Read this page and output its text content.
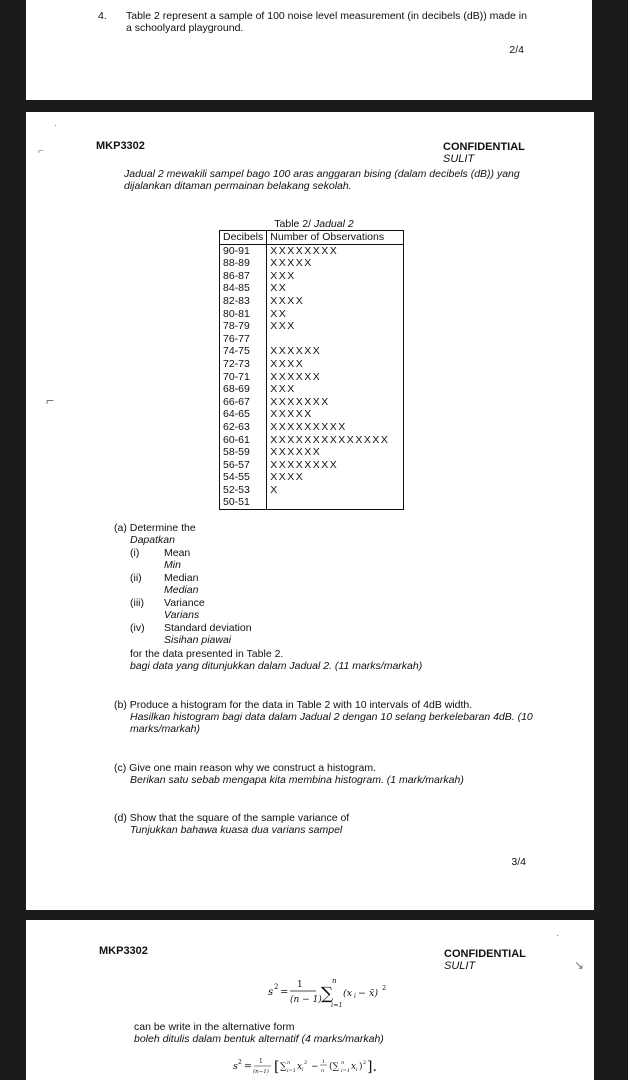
4. Table 2 represent a sample of 100 noise level measurement (in decibels (dB)) made in
a schoolyard playground.
2/4
·
⌐
⌐
MKP3302	CONFIDENTIAL
SULIT
Jadual 2 mewakili sampel bago 100 aras anggaran bising (dalam decibels (dB)) yang
dijalankan ditaman permainan belakang sekolah.
Table 2/ Jadual 2
Decibels	Number of Observations
90-91	XXXXXXXX
88-89	XXXXX
86-87	XXX
84-85	XX
82-83	XXXX
80-81	XX
78-79	XXX
76-77	
74-75	XXXXXX
72-73	XXXX
70-71	XXXXXX
68-69	XXX
66-67	XXXXXXX
64-65	XXXXX
62-63	XXXXXXXXX
60-61	XXXXXXXXXXXXXX
58-59	XXXXXX
56-57	XXXXXXXX
54-55	XXXX
52-53	X
50-51	
(a) Determine the
Dapatkan
(i) Mean
Min
(ii) Median
Median
(iii) Variance
Varians
(iv) Standard deviation
Sisihan piawai
for the data presented in Table 2.
bagi data yang ditunjukkan dalam Jadual 2. (11 marks/markah)
(b) Produce a histogram for the data in Table 2 with 10 intervals of 4dB width.
Hasilkan histogram bagi data dalam Jadual 2 dengan 10 selang berkelebaran 4dB. (10
marks/markah)
(c) Give one main reason why we construct a histogram.
Berikan satu sebab mengapa kita membina histogram. (1 mark/markah)
(d) Show that the square of the sample variance of
Tunjukkan bahawa kuasa dua varians sampel
3/4
·
↘
MKP3302	CONFIDENTIAL
SULIT
s 2 =
1
(n − 1)
n
∑
i=1
(x i − x̄) 2
can be write in the alternative form
boleh ditulis dalam bentuk alternatif (4 marks/markah)
s 2 = 1
(n−1) [ ∑ n
i=1 x i
2 − 1
n (∑ n
i=1 x i ) 2 ].
